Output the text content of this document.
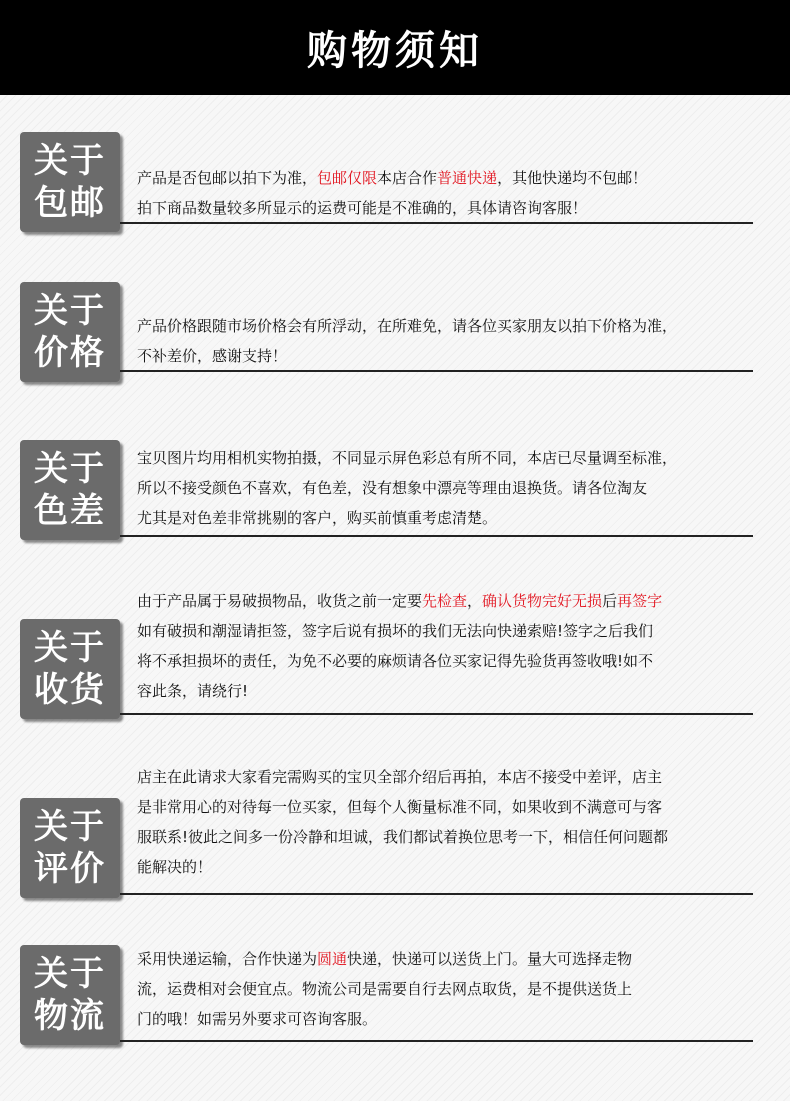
购物须知
关于
包邮
产品是否包邮以拍下为准，包邮仅限本店合作普通快递，其他快递均不包邮！
拍下商品数量较多所显示的运费可能是不准确的，具体请咨询客服！
关于
价格
产品价格跟随市场价格会有所浮动，在所难免，请各位买家朋友以拍下价格为准，
不补差价，感谢支持！
关于
色差
宝贝图片均用相机实物拍摄，不同显示屏色彩总有所不同，本店已尽量调至标准，
所以不接受颜色不喜欢，有色差，没有想象中漂亮等理由退换货。请各位淘友
尤其是对色差非常挑剔的客户，购买前慎重考虑清楚。
关于
收货
由于产品属于易破损物品，收货之前一定要先检查，确认货物完好无损后再签字
如有破损和潮湿请拒签，签字后说有损坏的我们无法向快递索赔!签字之后我们
将不承担损坏的责任，为免不必要的麻烦请各位买家记得先验货再签收哦!如不
容此条，请绕行!
关于
评价
店主在此请求大家看完需购买的宝贝全部介绍后再拍，本店不接受中差评，店主
是非常用心的对待每一位买家，但每个人衡量标准不同，如果收到不满意可与客
服联系!彼此之间多一份冷静和坦诚，我们都试着换位思考一下，相信任何问题都
能解决的！
关于
物流
采用快递运输，合作快递为圆通快递，快递可以送货上门。量大可选择走物
流，运费相对会便宜点。物流公司是需要自行去网点取货，是不提供送货上
门的哦！如需另外要求可咨询客服。
